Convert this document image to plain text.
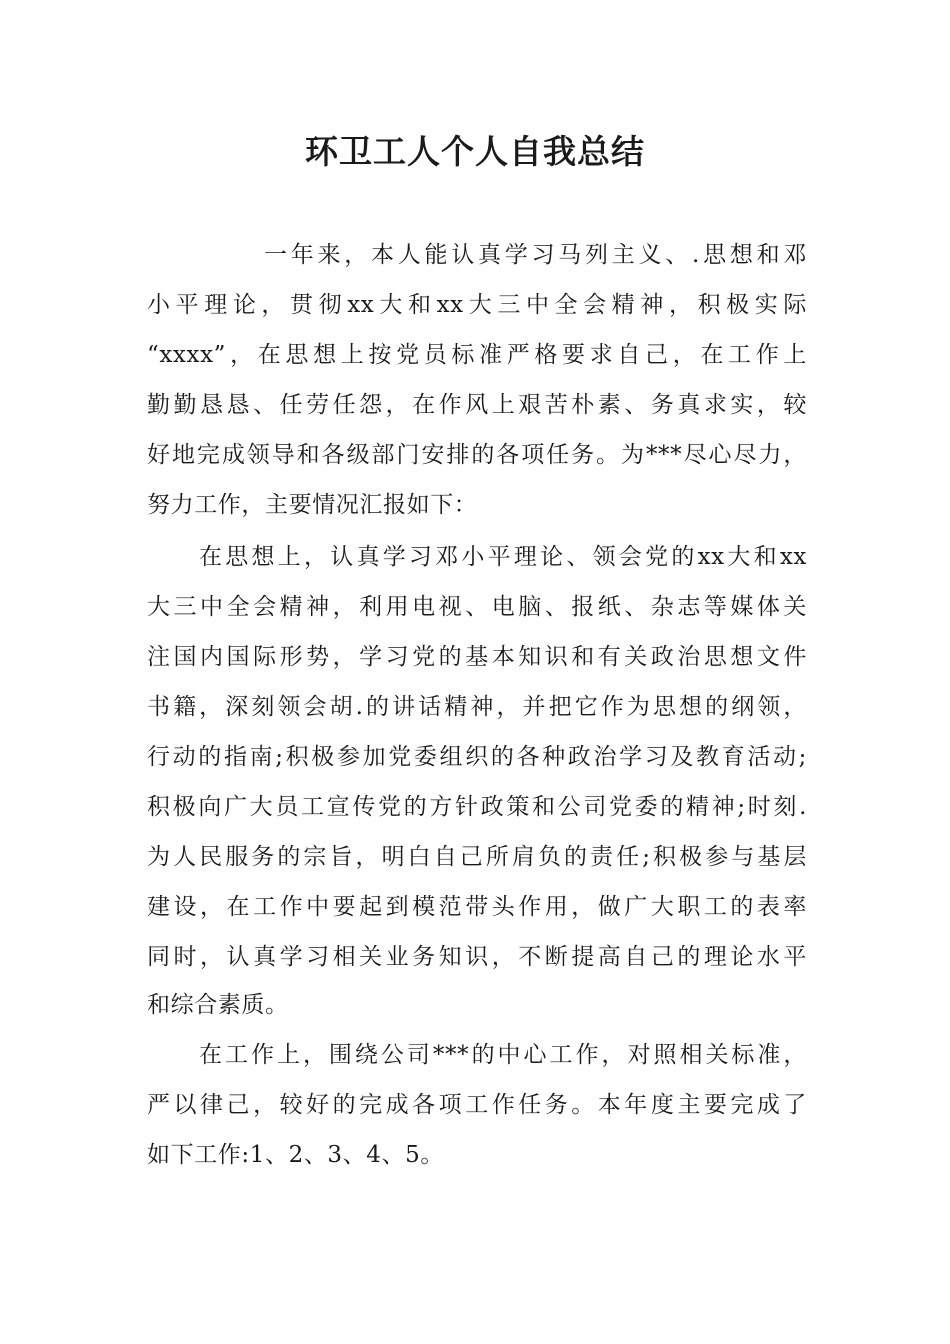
环卫工人个人自我总结
一年来，本人能认真学习马列主义、.思想和邓
小平理论，贯彻xx大和xx大三中全会精神，积极实际
“xxxx”，在思想上按党员标准严格要求自己，在工作上
勤勤恳恳、任劳任怨，在作风上艰苦朴素、务真求实，较
好地完成领导和各级部门安排的各项任务。为***尽心尽力，
努力工作，主要情况汇报如下：
在思想上，认真学习邓小平理论、领会党的xx大和xx
大三中全会精神，利用电视、电脑、报纸、杂志等媒体关
注国内国际形势，学习党的基本知识和有关政治思想文件
书籍，深刻领会胡.的讲话精神，并把它作为思想的纲领，
行动的指南;积极参加党委组织的各种政治学习及教育活动;
积极向广大员工宣传党的方针政策和公司党委的精神;时刻.
为人民服务的宗旨，明白自己所肩负的责任;积极参与基层
建设，在工作中要起到模范带头作用，做广大职工的表率
同时，认真学习相关业务知识，不断提高自己的理论水平
和综合素质。
在工作上，围绕公司***的中心工作，对照相关标准，
严以律己，较好的完成各项工作任务。本年度主要完成了
如下工作:1、2、3、4、5。
